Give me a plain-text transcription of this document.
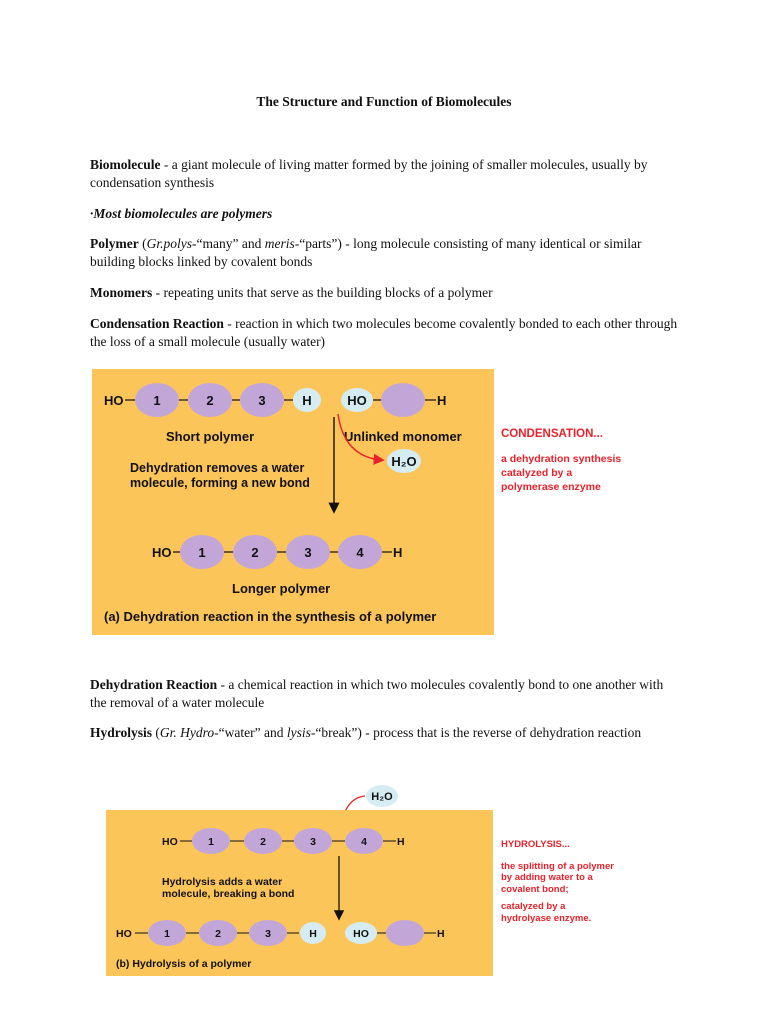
The Structure and Function of Biomolecules
Biomolecule - a giant molecule of living matter formed by the joining of smaller molecules, usually by condensation synthesis
·Most biomolecules are polymers
Polymer (Gr.polys-“many” and meris-“parts”) - long molecule consisting of many identical or similar building blocks linked by covalent bonds
Monomers - repeating units that serve as the building blocks of a polymer
Condensation Reaction - reaction in which two molecules become covalently bonded to each other through the loss of a small molecule (usually water)
HO 1	2	3	H	HO	H
Short polymer	Unlinked monomer
H₂O
Dehydration removes a water
molecule, forming a new bond
HO 1	2	3	4 H
Longer polymer
(a) Dehydration reaction in the synthesis of a polymer
CONDENSATION...
a dehydration synthesis
catalyzed by a
polymerase enzyme
Dehydration Reaction - a chemical reaction in which two molecules covalently bond to one another with the removal of a water molecule
Hydrolysis (Gr. Hydro-“water” and lysis-“break”) - process that is the reverse of dehydration reaction
H₂O
HO	1	2	3	4	H
Hydrolysis adds a water
molecule, breaking a bond
HO	1	2	3	H	HO	H
(b) Hydrolysis of a polymer
HYDROLYSIS...
the splitting of a polymer
by adding water to a
covalent bond;
catalyzed by a
hydrolyase enzyme.
